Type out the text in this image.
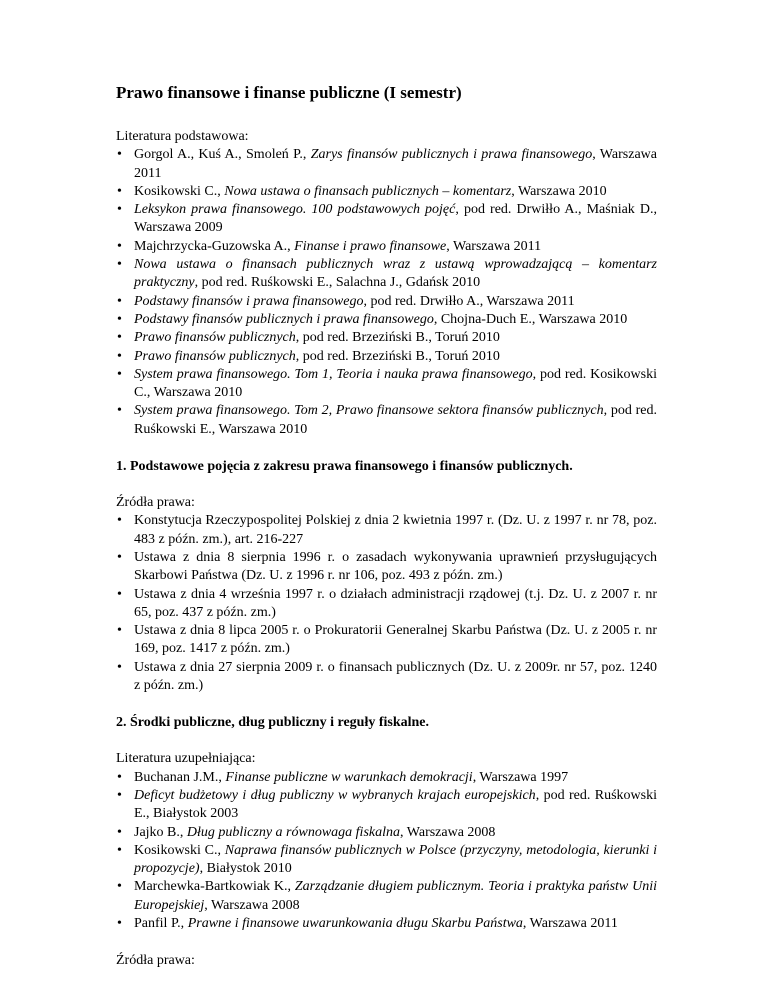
Prawo finansowe i finanse publiczne (I semestr)

Literatura podstawowa:

• Gorgol A., Kuś A., Smoleń P., Zarys finansów publicznych i prawa finansowego, Warszawa 2011
• Kosikowski C., Nowa ustawa o finansach publicznych – komentarz, Warszawa 2010
• Leksykon prawa finansowego. 100 podstawowych pojęć, pod red. Drwiłło A., Maśniak D., Warszawa 2009
• Majchrzycka-Guzowska A., Finanse i prawo finansowe, Warszawa 2011
• Nowa ustawa o finansach publicznych wraz z ustawą wprowadzającą – komentarz praktyczny, pod red. Ruśkowski E., Salachna J., Gdańsk 2010
• Podstawy finansów i prawa finansowego, pod red. Drwiłło A., Warszawa 2011
• Podstawy finansów publicznych i prawa finansowego, Chojna-Duch E., Warszawa 2010
• Prawo finansów publicznych, pod red. Brzeziński B., Toruń 2010
• Prawo finansów publicznych, pod red. Brzeziński B., Toruń 2010
• System prawa finansowego. Tom 1, Teoria i nauka prawa finansowego, pod red. Kosikowski C., Warszawa 2010
• System prawa finansowego. Tom 2, Prawo finansowe sektora finansów publicznych, pod red. Ruśkowski E., Warszawa 2010
1. Podstawowe pojęcia z zakresu prawa finansowego i finansów publicznych.

Źródła prawa:

• Konstytucja Rzeczypospolitej Polskiej z dnia 2 kwietnia 1997 r. (Dz. U. z 1997 r. nr 78, poz. 483 z późn. zm.), art. 216-227
• Ustawa z dnia 8 sierpnia 1996 r. o zasadach wykonywania uprawnień przysługujących Skarbowi Państwa (Dz. U. z 1996 r. nr 106, poz. 493 z późn. zm.)
• Ustawa z dnia 4 września 1997 r. o działach administracji rządowej (t.j. Dz. U. z 2007 r. nr 65, poz. 437 z późn. zm.)
• Ustawa z dnia 8 lipca 2005 r. o Prokuratorii Generalnej Skarbu Państwa (Dz. U. z 2005 r. nr 169, poz. 1417 z późn. zm.)
• Ustawa z dnia 27 sierpnia 2009 r. o finansach publicznych (Dz. U. z 2009r. nr 57, poz. 1240 z późn. zm.)
2. Środki publiczne, dług publiczny i reguły fiskalne.

Literatura uzupełniająca:

• Buchanan J.M., Finanse publiczne w warunkach demokracji, Warszawa 1997
• Deficyt budżetowy i dług publiczny w wybranych krajach europejskich, pod red. Ruśkowski E., Białystok 2003
• Jajko B., Dług publiczny a równowaga fiskalna, Warszawa 2008
• Kosikowski C., Naprawa finansów publicznych w Polsce (przyczyny, metodologia, kierunki i propozycje), Białystok 2010
• Marchewka-Bartkowiak K., Zarządzanie długiem publicznym. Teoria i praktyka państw Unii Europejskiej, Warszawa 2008
• Panfil P., Prawne i finansowe uwarunkowania długu Skarbu Państwa, Warszawa 2011

Źródła prawa:
